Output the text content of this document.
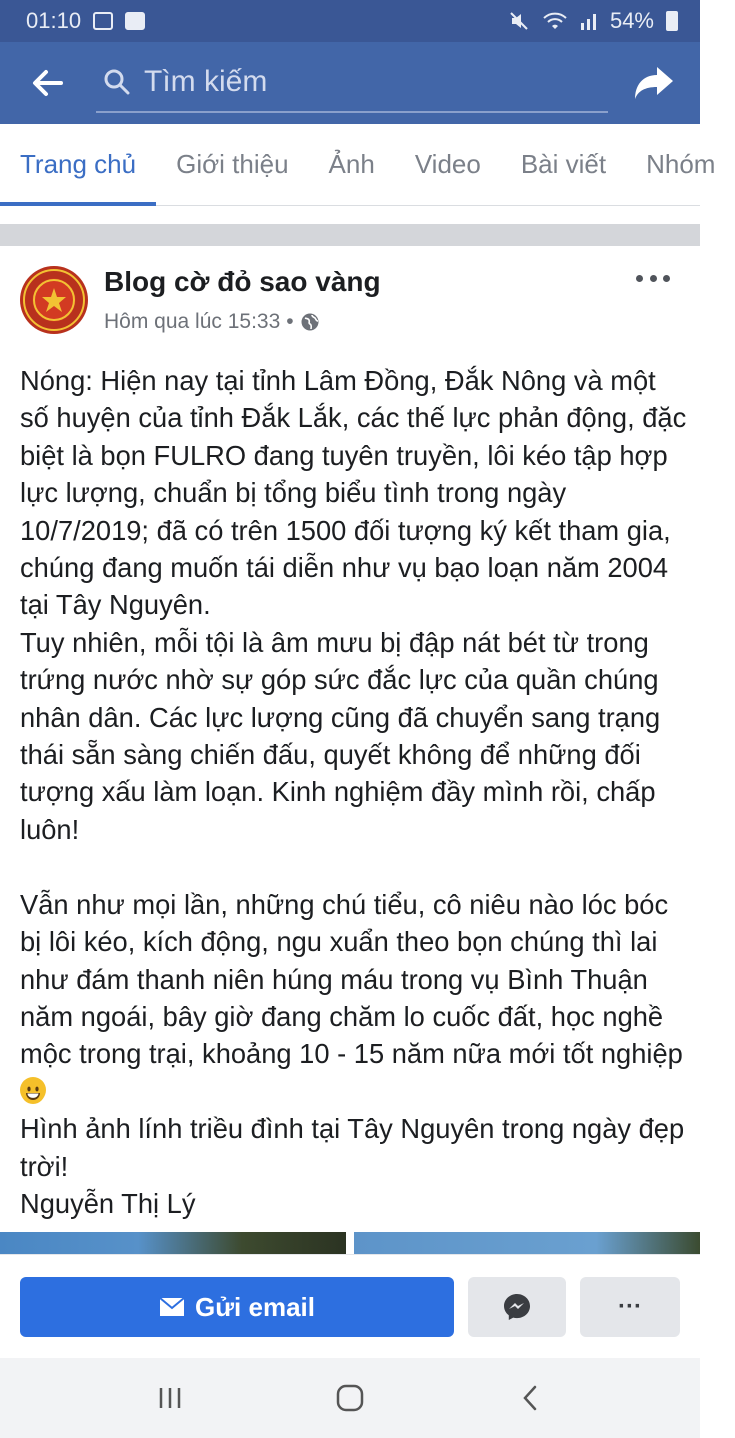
01:10	54%
Tìm kiếm
Trang chủ	Giới thiệu	Ảnh	Video	Bài viết	Nhóm
Blog cờ đỏ sao vàng
Hôm qua lúc 15:33 •

Nóng: Hiện nay tại tỉnh Lâm Đồng, Đắk Nông và một số huyện của tỉnh Đắk Lắk, các thế lực phản động, đặc biệt là bọn FULRO đang tuyên truyền, lôi kéo tập hợp lực lượng, chuẩn bị tổng biểu tình trong ngày 10/7/2019; đã có trên 1500 đối tượng ký kết tham gia, chúng đang muốn tái diễn như vụ bạo loạn năm 2004 tại Tây Nguyên.

Tuy nhiên, mỗi tội là âm mưu bị đập nát bét từ trong trứng nước nhờ sự góp sức đắc lực của quần chúng nhân dân. Các lực lượng cũng đã chuyển sang trạng thái sẵn sàng chiến đấu, quyết không để những đối tượng xấu làm loạn. Kinh nghiệm đầy mình rồi, chấp luôn!

Vẫn như mọi lần, những chú tiểu, cô niêu nào lóc bóc bị lôi kéo, kích động, ngu xuẩn theo bọn chúng thì lai như đám thanh niên húng máu trong vụ Bình Thuận năm ngoái, bây giờ đang chăm lo cuốc đất, học nghề mộc trong trại, khoảng 10 - 15 năm nữa mới tốt nghiệp

Hình ảnh lính triều đình tại Tây Nguyên trong ngày đẹp trời!

Nguyễn Thị Lý

Gửi email	···
